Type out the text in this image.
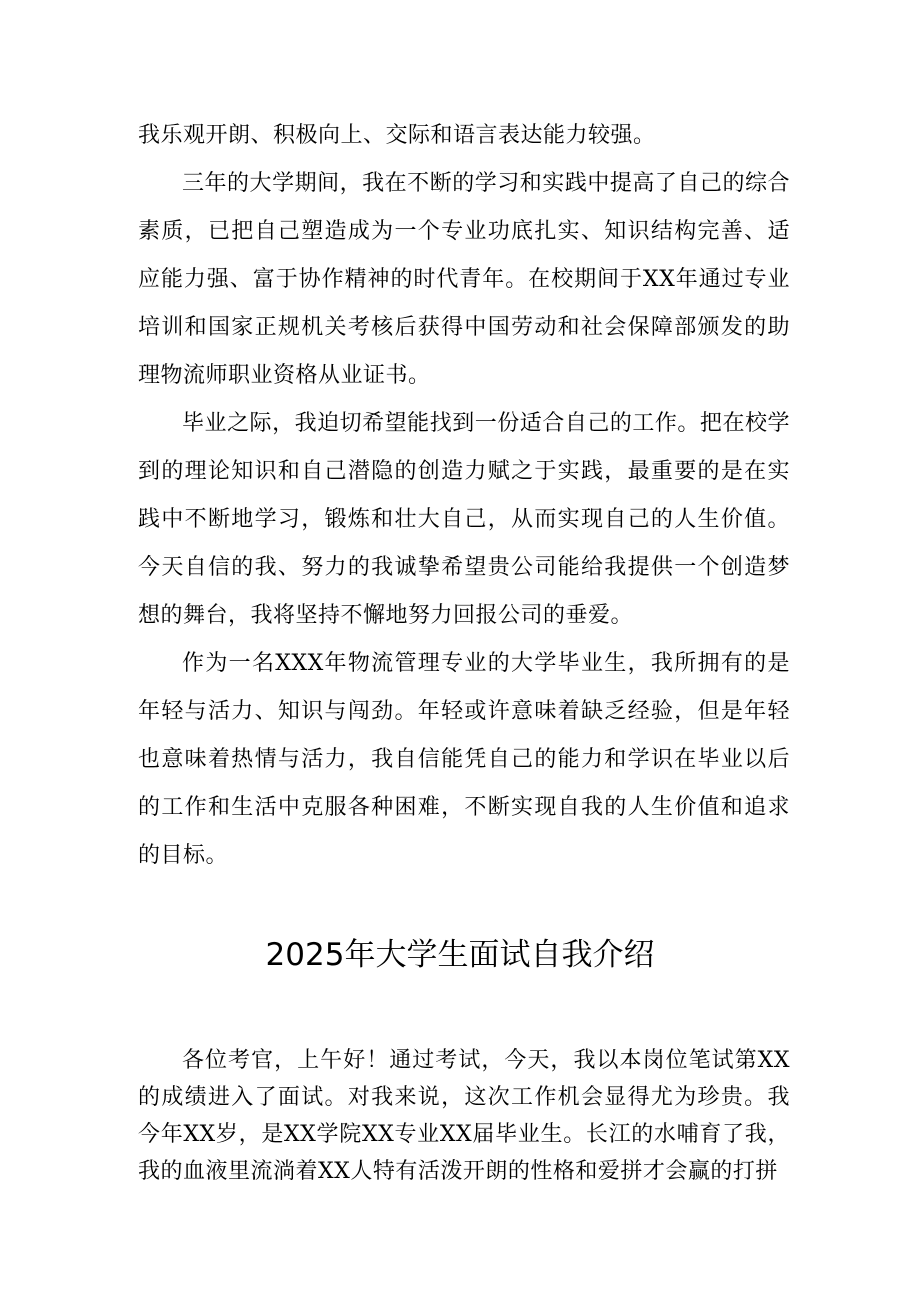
我乐观开朗、积极向上、交际和语言表达能力较强。

三年的大学期间，我在不断的学习和实践中提高了自己的综合素质，已把自己塑造成为一个专业功底扎实、知识结构完善、适应能力强、富于协作精神的时代青年。在校期间于XX年通过专业培训和国家正规机关考核后获得中国劳动和社会保障部颁发的助理物流师职业资格从业证书。

毕业之际，我迫切希望能找到一份适合自己的工作。把在校学到的理论知识和自己潜隐的创造力赋之于实践，最重要的是在实践中不断地学习，锻炼和壮大自己，从而实现自己的人生价值。今天自信的我、努力的我诚挚希望贵公司能给我提供一个创造梦想的舞台，我将坚持不懈地努力回报公司的垂爱。

作为一名XXX年物流管理专业的大学毕业生，我所拥有的是年轻与活力、知识与闯劲。年轻或许意味着缺乏经验，但是年轻也意味着热情与活力，我自信能凭自己的能力和学识在毕业以后的工作和生活中克服各种困难，不断实现自我的人生价值和追求的目标。

2025年大学生面试自我介绍

各位考官，上午好！通过考试，今天，我以本岗位笔试第XX的成绩进入了面试。对我来说，这次工作机会显得尤为珍贵。我今年XX岁，是XX学院XX专业XX届毕业生。长江的水哺育了我，我的血液里流淌着XX人特有活泼开朗的性格和爱拼才会赢的打拼
